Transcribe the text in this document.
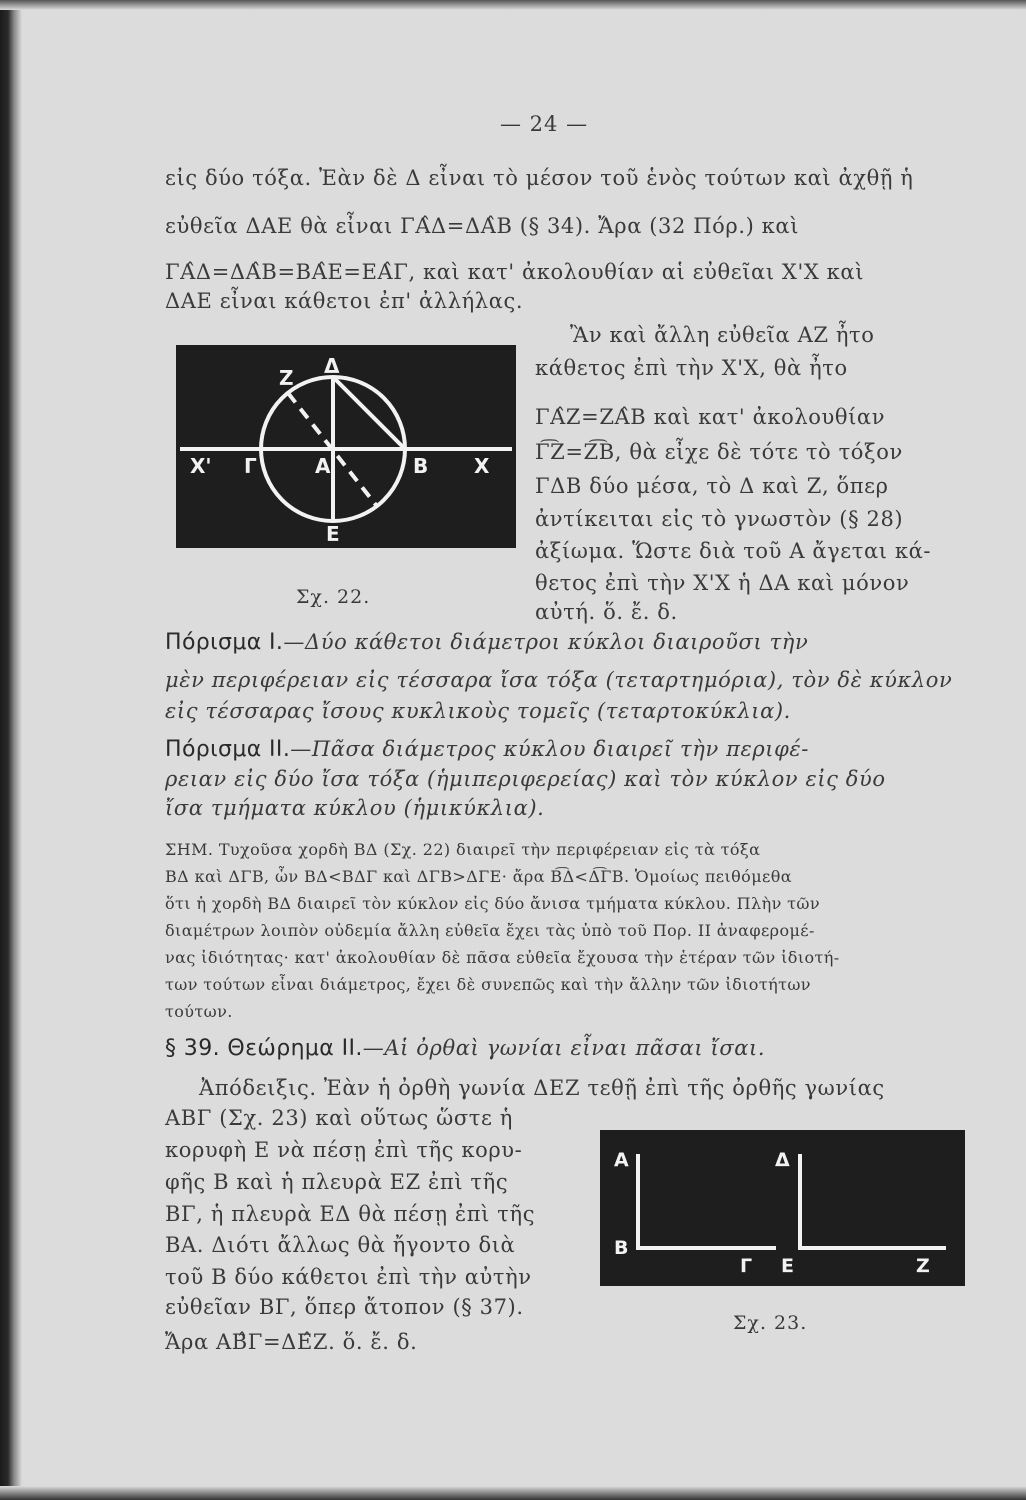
— 24 —
εἰς δύο τόξα. Ἐὰν δὲ Δ εἶναι τὸ μέσον τοῦ ἑνὸς τούτων καὶ ἀχθῇ ἡ
εὐθεῖα ΔΑΕ θὰ εἶναι ΓΑ̂Δ=ΔΑ̂Β (§ 34). Ἄρα (32 Πόρ.) καὶ
ΓΑ̂Δ=ΔΑ̂Β=ΒΑ̂Ε=ΕΑ̂Γ, καὶ κατ' ἀκολουθίαν αἱ εὐθεῖαι Χ'Χ καὶ
ΔΑΕ εἶναι κάθετοι ἐπ' ἀλλήλας.
Ζ Δ
Χ' Γ	Α	Β Χ
Ε
Σχ. 22.
Ἂν καὶ ἄλλη εὐθεῖα ΑΖ ἦτο
κάθετος ἐπὶ τὴν Χ'Χ, θὰ ἦτο
ΓΑ̂Ζ=ΖΑ̂Β καὶ κατ' ἀκολουθίαν
Γ͡Ζ=Ζ͡Β, θὰ εἶχε δὲ τότε τὸ τόξον
ΓΔΒ δύο μέσα, τὸ Δ καὶ Ζ, ὅπερ
ἀντίκειται εἰς τὸ γνωστὸν (§ 28)
ἀξίωμα. Ὥστε διὰ τοῦ Α ἄγεται κά-
θετος ἐπὶ τὴν Χ'Χ ἡ ΔΑ καὶ μόνον
αὐτή. ὅ. ἔ. δ.
Πόρισμα Ι.—Δύο κάθετοι διάμετροι κύκλοι διαιροῦσι τὴν
μὲν περιφέρειαν εἰς τέσσαρα ἴσα τόξα (τεταρτημόρια), τὸν δὲ κύκλον
εἰς τέσσαρας ἴσους κυκλικοὺς τομεῖς (τεταρτοκύκλια).
Πόρισμα ΙΙ.—Πᾶσα διάμετρος κύκλου διαιρεῖ τὴν περιφέ-
ρειαν εἰς δύο ἴσα τόξα (ἡμιπεριφερείας) καὶ τὸν κύκλον εἰς δύο
ἴσα τμήματα κύκλου (ἡμικύκλια).
ΣΗΜ. Τυχοῦσα χορδὴ ΒΔ (Σχ. 22) διαιρεῖ τὴν περιφέρειαν εἰς τὰ τόξα
ΒΔ καὶ ΔΓΒ, ὧν ΒΔ<ΒΔΓ καὶ ΔΓΒ>ΔΓΕ· ἄρα Β͡Δ<Δ͡ΓΒ. Ὁμοίως πειθόμεθα
ὅτι ἡ χορδὴ ΒΔ διαιρεῖ τὸν κύκλον εἰς δύο ἄνισα τμήματα κύκλου. Πλὴν τῶν
διαμέτρων λοιπὸν οὐδεμία ἄλλη εὐθεῖα ἔχει τὰς ὑπὸ τοῦ Πορ. ΙΙ ἀναφερομέ-
νας ἰδιότητας· κατ' ἀκολουθίαν δὲ πᾶσα εὐθεῖα ἔχουσα τὴν ἑτέραν τῶν ἰδιοτή-
των τούτων εἶναι διάμετρος, ἔχει δὲ συνεπῶς καὶ τὴν ἄλλην τῶν ἰδιοτήτων
τούτων.
§ 39. Θεώρημα ΙΙ.—Αἱ ὀρθαὶ γωνίαι εἶναι πᾶσαι ἴσαι.
Ἀπόδειξις. Ἐὰν ἡ ὀρθὴ γωνία ΔΕΖ τεθῇ ἐπὶ τῆς ὀρθῆς γωνίας
ΑΒΓ (Σχ. 23) καὶ οὕτως ὥστε ἡ
κορυφὴ Ε νὰ πέσῃ ἐπὶ τῆς κορυ-
φῆς Β καὶ ἡ πλευρὰ ΕΖ ἐπὶ τῆς
ΒΓ, ἡ πλευρὰ ΕΔ θὰ πέσῃ ἐπὶ τῆς
ΒΑ. Διότι ἄλλως θὰ ἤγοντο διὰ
τοῦ Β δύο κάθετοι ἐπὶ τὴν αὐτὴν
εὐθεῖαν ΒΓ, ὅπερ ἄτοπον (§ 37).
Ἄρα ΑΒ̂Γ=ΔΕ̂Ζ. ὅ. ἔ. δ.
Α
Β
Γ
Δ
Ε	Ζ
Σχ. 23.
